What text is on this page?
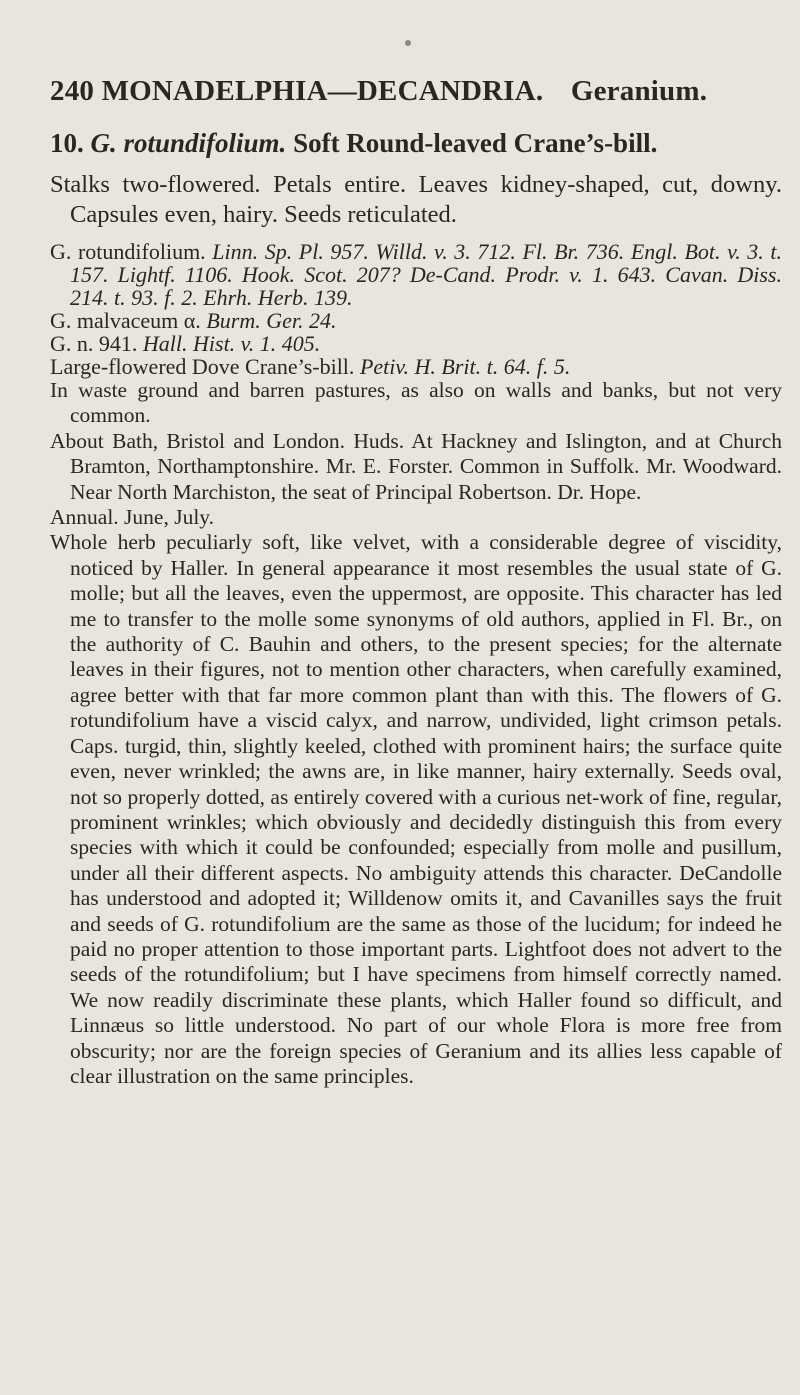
240 MONADELPHIA—DECANDRIA. Geranium.
10. G. rotundifolium. Soft Round-leaved Crane’s-bill.

Stalks two-flowered. Petals entire. Leaves kidney-shaped, cut, downy. Capsules even, hairy. Seeds reticulated.

G. rotundifolium. Linn. Sp. Pl. 957. Willd. v. 3. 712. Fl. Br. 736. Engl. Bot. v. 3. t. 157. Lightf. 1106. Hook. Scot. 207? De-Cand. Prodr. v. 1. 643. Cavan. Diss. 214. t. 93. f. 2. Ehrh. Herb. 139.

G. malvaceum α. Burm. Ger. 24.

G. n. 941. Hall. Hist. v. 1. 405.

Large-flowered Dove Crane’s-bill. Petiv. H. Brit. t. 64. f. 5.

In waste ground and barren pastures, as also on walls and banks, but not very common.

About Bath, Bristol and London. Huds. At Hackney and Islington, and at Church Bramton, Northamptonshire. Mr. E. Forster. Common in Suffolk. Mr. Woodward. Near North Marchiston, the seat of Principal Robertson. Dr. Hope.

Annual. June, July.

Whole herb peculiarly soft, like velvet, with a considerable degree of viscidity, noticed by Haller. In general appearance it most resembles the usual state of G. molle; but all the leaves, even the uppermost, are opposite. This character has led me to transfer to the molle some synonyms of old authors, applied in Fl. Br., on the authority of C. Bauhin and others, to the present species; for the alternate leaves in their figures, not to mention other characters, when carefully examined, agree better with that far more common plant than with this. The flowers of G. rotundifolium have a viscid calyx, and narrow, undivided, light crimson petals. Caps. turgid, thin, slightly keeled, clothed with prominent hairs; the surface quite even, never wrinkled; the awns are, in like manner, hairy externally. Seeds oval, not so properly dotted, as entirely covered with a curious net-work of fine, regular, prominent wrinkles; which obviously and decidedly distinguish this from every species with which it could be confounded; especially from molle and pusillum, under all their different aspects. No ambiguity attends this character. DeCandolle has understood and adopted it; Willdenow omits it, and Cavanilles says the fruit and seeds of G. rotundifolium are the same as those of the lucidum; for indeed he paid no proper attention to those important parts. Lightfoot does not advert to the seeds of the rotundifolium; but I have specimens from himself correctly named. We now readily discriminate these plants, which Haller found so difficult, and Linnæus so little understood. No part of our whole Flora is more free from obscurity; nor are the foreign species of Geranium and its allies less capable of clear illustration on the same principles.
